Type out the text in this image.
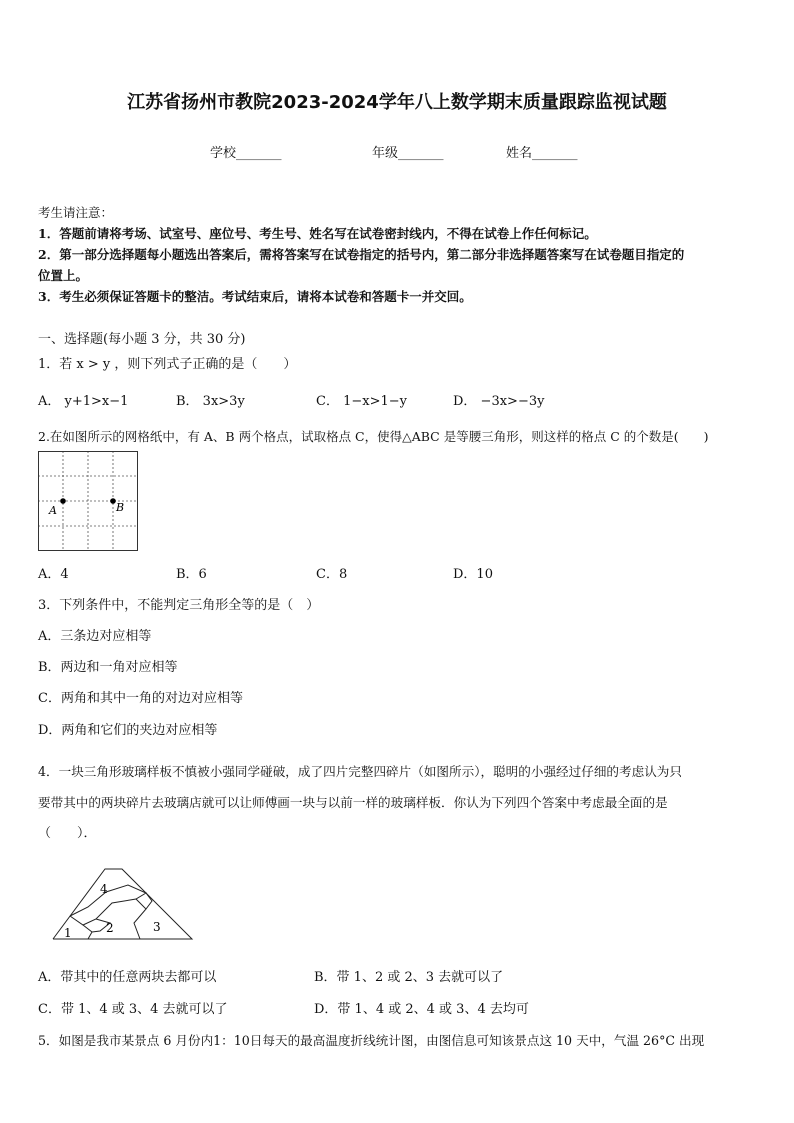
江苏省扬州市教院2023-2024学年八上数学期末质量跟踪监视试题
学校_______	年级_______	姓名_______
考生请注意：
1．答题前请将考场、试室号、座位号、考生号、姓名写在试卷密封线内，不得在试卷上作任何标记。
2．第一部分选择题每小题选出答案后，需将答案写在试卷指定的括号内，第二部分非选择题答案写在试卷题目指定的
位置上。
3．考生必须保证答题卡的整洁。考试结束后，请将本试卷和答题卡一并交回。
一、选择题(每小题 3 分，共 30 分)
1．若 x > y ，则下列式子正确的是（　　）
A． y+1>x−1	B． 3x>3y	C． 1−x>1−y	D． −3x>−3y
2.在如图所示的网格纸中，有 A、B 两个格点，试取格点 C，使得△ABC 是等腰三角形，则这样的格点 C 的个数是(　　)
A	B
A．4	B．6	C．8	D．10
3．下列条件中，不能判定三角形全等的是（　）
A．三条边对应相等
B．两边和一角对应相等
C．两角和其中一角的对边对应相等
D．两角和它们的夹边对应相等
4．一块三角形玻璃样板不慎被小强同学碰破，成了四片完整四碎片（如图所示），聪明的小强经过仔细的考虑认为只
要带其中的两块碎片去玻璃店就可以让师傅画一块与以前一样的玻璃样板．你认为下列四个答案中考虑最全面的是
（　　）．
4
1	2	3
A．带其中的任意两块去都可以	B．带 1、2 或 2、3 去就可以了
C．带 1、4 或 3、4 去就可以了	D．带 1、4 或 2、4 或 3、4 去均可
5．如图是我市某景点 6 月份内1：10日每天的最高温度折线统计图，由图信息可知该景点这 10 天中，气温 26°C 出现
